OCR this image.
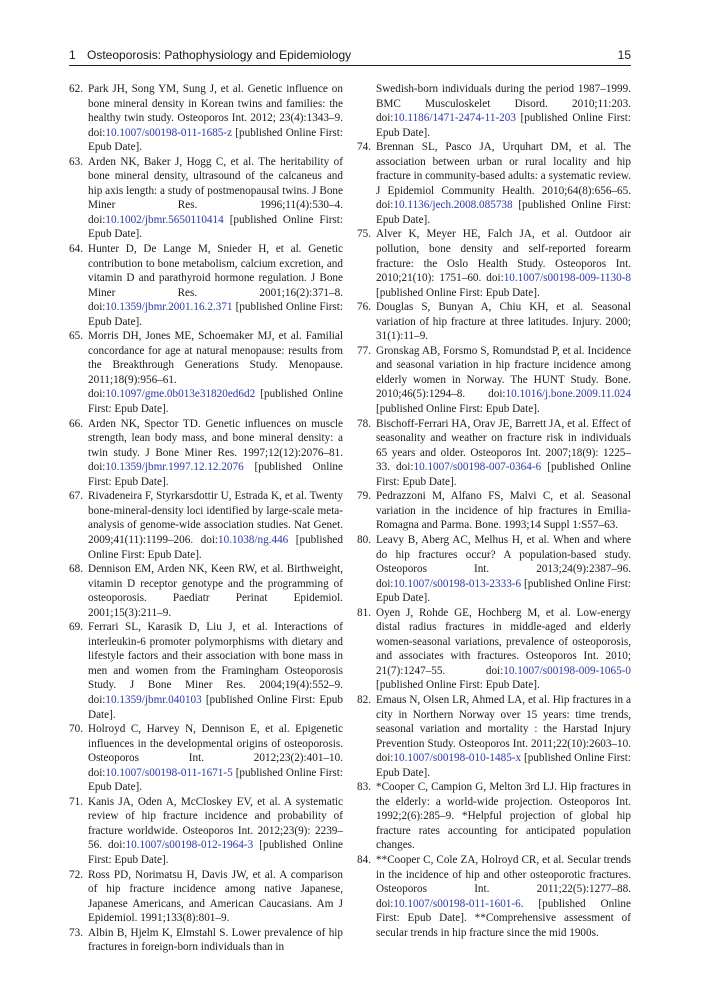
1 Osteoporosis: Pathophysiology and Epidemiology	15

62. Park JH, Song YM, Sung J, et al. Genetic influence on bone mineral density in Korean twins and families: the healthy twin study. Osteoporos Int. 2012; 23(4):1343–9. doi:10.1007/s00198-011-1685-z [published Online First: Epub Date].

63. Arden NK, Baker J, Hogg C, et al. The heritability of bone mineral density, ultrasound of the calcaneus and hip axis length: a study of postmenopausal twins. J Bone Miner Res. 1996;11(4):530–4. doi:10.1002/jbmr.5650110414 [published Online First: Epub Date].

64. Hunter D, De Lange M, Snieder H, et al. Genetic contribution to bone metabolism, calcium excretion, and vitamin D and parathyroid hormone regulation. J Bone Miner Res. 2001;16(2):371–8. doi:10.1359/jbmr.2001.16.2.371 [published Online First: Epub Date].

65. Morris DH, Jones ME, Schoemaker MJ, et al. Familial concordance for age at natural menopause: results from the Breakthrough Generations Study. Menopause. 2011;18(9):956–61. doi:10.1097/gme.0b013e31820ed6d2 [published Online First: Epub Date].

66. Arden NK, Spector TD. Genetic influences on muscle strength, lean body mass, and bone mineral density: a twin study. J Bone Miner Res. 1997;12(12):2076–81. doi:10.1359/jbmr.1997.12.12.2076 [published Online First: Epub Date].

67. Rivadeneira F, Styrkarsdottir U, Estrada K, et al. Twenty bone-mineral-density loci identified by large-scale meta-analysis of genome-wide association studies. Nat Genet. 2009;41(11):1199–206. doi:10.1038/ng.446 [published Online First: Epub Date].

68. Dennison EM, Arden NK, Keen RW, et al. Birthweight, vitamin D receptor genotype and the programming of osteoporosis. Paediatr Perinat Epidemiol. 2001;15(3):211–9.

69. Ferrari SL, Karasik D, Liu J, et al. Interactions of interleukin-6 promoter polymorphisms with dietary and lifestyle factors and their association with bone mass in men and women from the Framingham Osteoporosis Study. J Bone Miner Res. 2004;19(4):552–9. doi:10.1359/jbmr.040103 [published Online First: Epub Date].

70. Holroyd C, Harvey N, Dennison E, et al. Epigenetic influences in the developmental origins of osteoporosis. Osteoporos Int. 2012;23(2):401–10. doi:10.1007/s00198-011-1671-5 [published Online First: Epub Date].

71. Kanis JA, Oden A, McCloskey EV, et al. A systematic review of hip fracture incidence and probability of fracture worldwide. Osteoporos Int. 2012;23(9): 2239–56. doi:10.1007/s00198-012-1964-3 [published Online First: Epub Date].

72. Ross PD, Norimatsu H, Davis JW, et al. A comparison of hip fracture incidence among native Japanese, Japanese Americans, and American Caucasians. Am J Epidemiol. 1991;133(8):801–9.

73. Albin B, Hjelm K, Elmstahl S. Lower prevalence of hip fractures in foreign-born individuals than in

Swedish-born individuals during the period 1987–1999. BMC Musculoskelet Disord. 2010;11:203. doi:10.1186/1471-2474-11-203 [published Online First: Epub Date].

74. Brennan SL, Pasco JA, Urquhart DM, et al. The association between urban or rural locality and hip fracture in community-based adults: a systematic review. J Epidemiol Community Health. 2010;64(8):656–65. doi:10.1136/jech.2008.085738 [published Online First: Epub Date].

75. Alver K, Meyer HE, Falch JA, et al. Outdoor air pollution, bone density and self-reported forearm fracture: the Oslo Health Study. Osteoporos Int. 2010;21(10): 1751–60. doi:10.1007/s00198-009-1130-8 [published Online First: Epub Date].

76. Douglas S, Bunyan A, Chiu KH, et al. Seasonal variation of hip fracture at three latitudes. Injury. 2000; 31(1):11–9.

77. Gronskag AB, Forsmo S, Romundstad P, et al. Incidence and seasonal variation in hip fracture incidence among elderly women in Norway. The HUNT Study. Bone. 2010;46(5):1294–8. doi:10.1016/j.bone.2009.11.024 [published Online First: Epub Date].

78. Bischoff-Ferrari HA, Orav JE, Barrett JA, et al. Effect of seasonality and weather on fracture risk in individuals 65 years and older. Osteoporos Int. 2007;18(9): 1225–33. doi:10.1007/s00198-007-0364-6 [published Online First: Epub Date].

79. Pedrazzoni M, Alfano FS, Malvi C, et al. Seasonal variation in the incidence of hip fractures in Emilia-Romagna and Parma. Bone. 1993;14 Suppl 1:S57–63.

80. Leavy B, Aberg AC, Melhus H, et al. When and where do hip fractures occur? A population-based study. Osteoporos Int. 2013;24(9):2387–96. doi:10.1007/s00198-013-2333-6 [published Online First: Epub Date].

81. Oyen J, Rohde GE, Hochberg M, et al. Low-energy distal radius fractures in middle-aged and elderly women-seasonal variations, prevalence of osteoporosis, and associates with fractures. Osteoporos Int. 2010; 21(7):1247–55. doi:10.1007/s00198-009-1065-0 [published Online First: Epub Date].

82. Emaus N, Olsen LR, Ahmed LA, et al. Hip fractures in a city in Northern Norway over 15 years: time trends, seasonal variation and mortality : the Harstad Injury Prevention Study. Osteoporos Int. 2011;22(10):2603–10. doi:10.1007/s00198-010-1485-x [published Online First: Epub Date].

83. *Cooper C, Campion G, Melton 3rd LJ. Hip fractures in the elderly: a world-wide projection. Osteoporos Int. 1992;2(6):285–9. *Helpful projection of global hip fracture rates accounting for anticipated population changes.

84. **Cooper C, Cole ZA, Holroyd CR, et al. Secular trends in the incidence of hip and other osteoporotic fractures. Osteoporos Int. 2011;22(5):1277–88. doi:10.1007/s00198-011-1601-6. [published Online First: Epub Date]. **Comprehensive assessment of secular trends in hip fracture since the mid 1900s.
